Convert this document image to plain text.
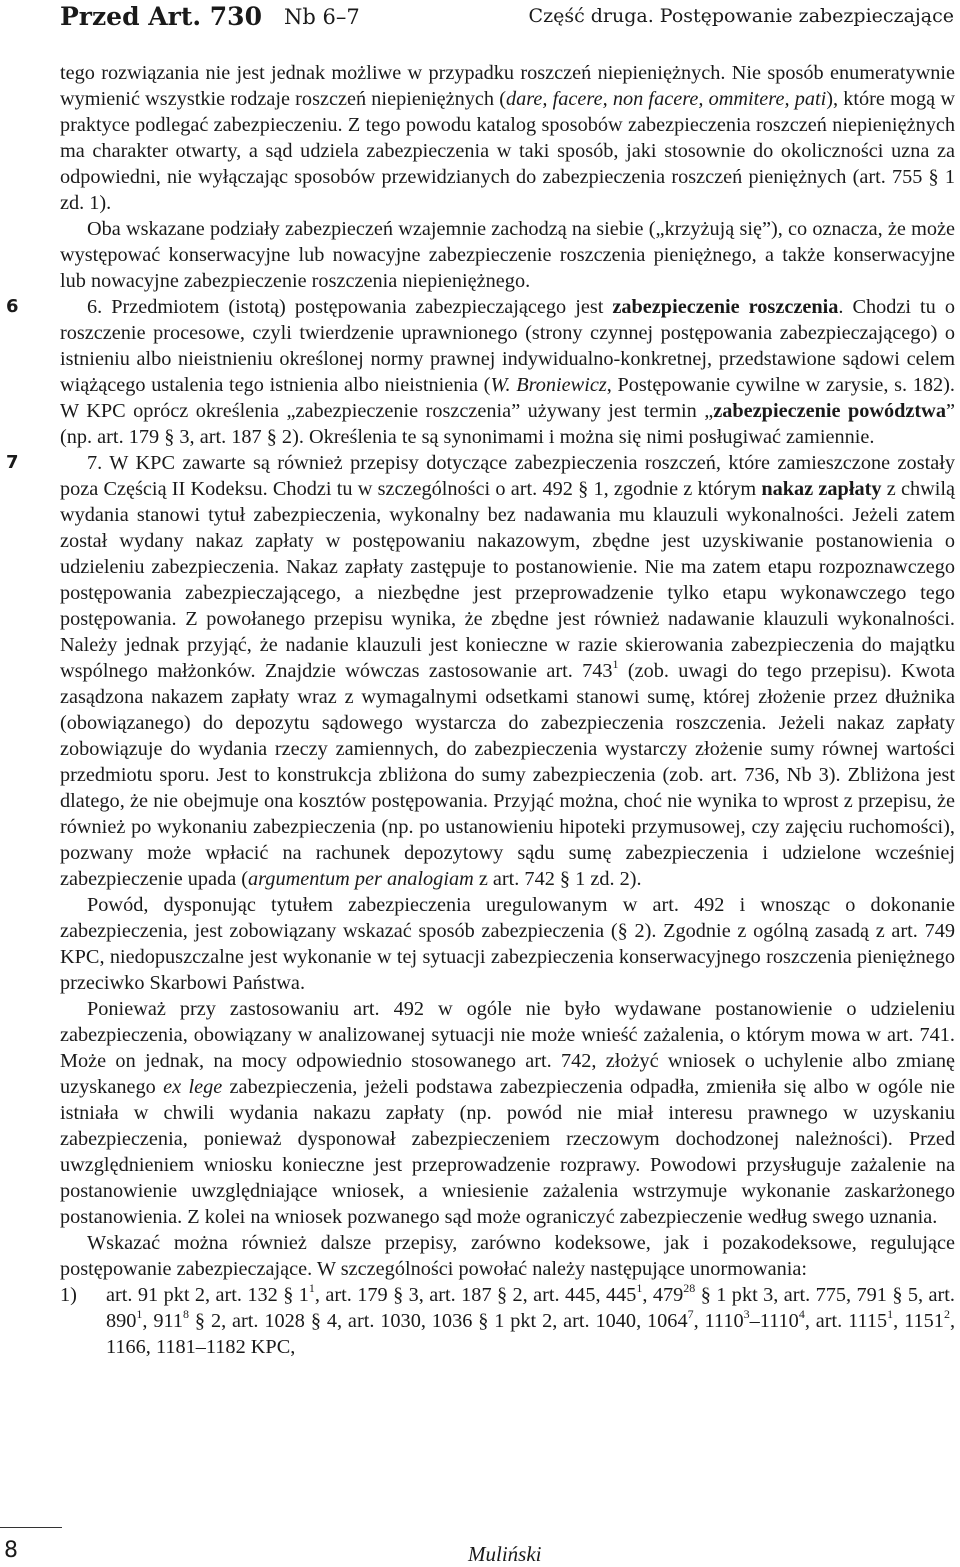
Przed Art. 730 Nb 6–7	Część druga. Postępowanie zabezpieczające

tego rozwiązania nie jest jednak możliwe w przypadku roszczeń niepieniężnych. Nie sposób enumeratywnie wymienić wszystkie rodzaje roszczeń niepieniężnych (dare, facere, non facere, ommitere, pati), które mogą w praktyce podlegać zabezpieczeniu. Z tego powodu katalog sposobów zabezpieczenia roszczeń niepieniężnych ma charakter otwarty, a sąd udziela zabezpieczenia w taki sposób, jaki stosownie do okoliczności uzna za odpowiedni, nie wyłączając sposobów przewidzianych do zabezpieczenia roszczeń pieniężnych (art. 755 § 1 zd. 1).

Oba wskazane podziały zabezpieczeń wzajemnie zachodzą na siebie („krzyżują się”), co oznacza, że może występować konserwacyjne lub nowacyjne zabezpieczenie roszczenia pieniężnego, a także konserwacyjne lub nowacyjne zabezpieczenie roszczenia niepieniężnego.

6	6. Przedmiotem (istotą) postępowania zabezpieczającego jest zabezpieczenie roszczenia. Chodzi tu o roszczenie procesowe, czyli twierdzenie uprawnionego (strony czynnej postępowania zabezpieczającego) o istnieniu albo nieistnieniu określonej normy prawnej indywidualno-konkretnej, przedstawione sądowi celem wiążącego ustalenia tego istnienia albo nieistnienia (W. Broniewicz, Postępowanie cywilne w zarysie, s. 182). W KPC oprócz określenia „zabezpieczenie roszczenia” używany jest termin „zabezpieczenie powództwa” (np. art. 179 § 3, art. 187 § 2). Określenia te są synonimami i można się nimi posługiwać zamiennie.

7	7. W KPC zawarte są również przepisy dotyczące zabezpieczenia roszczeń, które zamieszczone zostały poza Częścią II Kodeksu. Chodzi tu w szczególności o art. 492 § 1, zgodnie z którym nakaz zapłaty z chwilą wydania stanowi tytuł zabezpieczenia, wykonalny bez nadawania mu klauzuli wykonalności. Jeżeli zatem został wydany nakaz zapłaty w postępowaniu nakazowym, zbędne jest uzyskiwanie postanowienia o udzieleniu zabezpieczenia. Nakaz zapłaty zastępuje to postanowienie. Nie ma zatem etapu rozpoznawczego postępowania zabezpieczającego, a niezbędne jest przeprowadzenie tylko etapu wykonawczego tego postępowania. Z powołanego przepisu wynika, że zbędne jest również nadawanie klauzuli wykonalności. Należy jednak przyjąć, że nadanie klauzuli jest konieczne w razie skierowania zabezpieczenia do majątku wspólnego małżonków. Znajdzie wówczas zastosowanie art. $743^1$ (zob. uwagi do tego przepisu). Kwota zasądzona nakazem zapłaty wraz z wymagalnymi odsetkami stanowi sumę, której złożenie przez dłużnika (obowiązanego) do depozytu sądowego wystarcza do zabezpieczenia roszczenia. Jeżeli nakaz zapłaty zobowiązuje do wydania rzeczy zamiennych, do zabezpieczenia wystarczy złożenie sumy równej wartości przedmiotu sporu. Jest to konstrukcja zbliżona do sumy zabezpieczenia (zob. art. 736, Nb 3). Zbliżona jest dlatego, że nie obejmuje ona kosztów postępowania. Przyjąć można, choć nie wynika to wprost z przepisu, że również po wykonaniu zabezpieczenia (np. po ustanowieniu hipoteki przymusowej, czy zajęciu ruchomości), pozwany może wpłacić na rachunek depozytowy sądu sumę zabezpieczenia i udzielone wcześniej zabezpieczenie upada (argumentum per analogiam z art. 742 § 1 zd. 2).

Powód, dysponując tytułem zabezpieczenia uregulowanym w art. 492 i wnosząc o dokonanie zabezpieczenia, jest zobowiązany wskazać sposób zabezpieczenia (§ 2). Zgodnie z ogólną zasadą z art. 749 KPC, niedopuszczalne jest wykonanie w tej sytuacji zabezpieczenia konserwacyjnego roszczenia pieniężnego przeciwko Skarbowi Państwa.

Ponieważ przy zastosowaniu art. 492 w ogóle nie było wydawane postanowienie o udzieleniu zabezpieczenia, obowiązany w analizowanej sytuacji nie może wnieść zażalenia, o którym mowa w art. 741. Może on jednak, na mocy odpowiednio stosowanego art. 742, złożyć wniosek o uchylenie albo zmianę uzyskanego ex lege zabezpieczenia, jeżeli podstawa zabezpieczenia odpadła, zmieniła się albo w ogóle nie istniała w chwili wydania nakazu zapłaty (np. powód nie miał interesu prawnego w uzyskaniu zabezpieczenia, ponieważ dysponował zabezpieczeniem rzeczowym dochodzonej należności). Przed uwzględnieniem wniosku konieczne jest przeprowadzenie rozprawy. Powodowi przysługuje zażalenie na postanowienie uwzględniające wniosek, a wniesienie zażalenia wstrzymuje wykonanie zaskarżonego postanowienia. Z kolei na wniosek pozwanego sąd może ograniczyć zabezpieczenie według swego uznania.

Wskazać można również dalsze przepisy, zarówno kodeksowe, jak i pozakodeksowe, regulujące postępowanie zabezpieczające. W szczególności powołać należy następujące unormowania:

1) art. 91 pkt 2, art. 132 § $1^1$, art. 179 § 3, art. 187 § 2, art. 445, $445^1$, $479^{28}$ § 1 pkt 3, art. 775, 791 § 5, art. $890^1$, $911^8$ § 2, art. 1028 § 4, art. 1030, 1036 § 1 pkt 2, art. 1040, 1064$^7$, 1110$^3$–1110$^4$, art. 1115$^1$, 1151$^2$, 1166, 1181–1182 KPC,

8	Muliński
